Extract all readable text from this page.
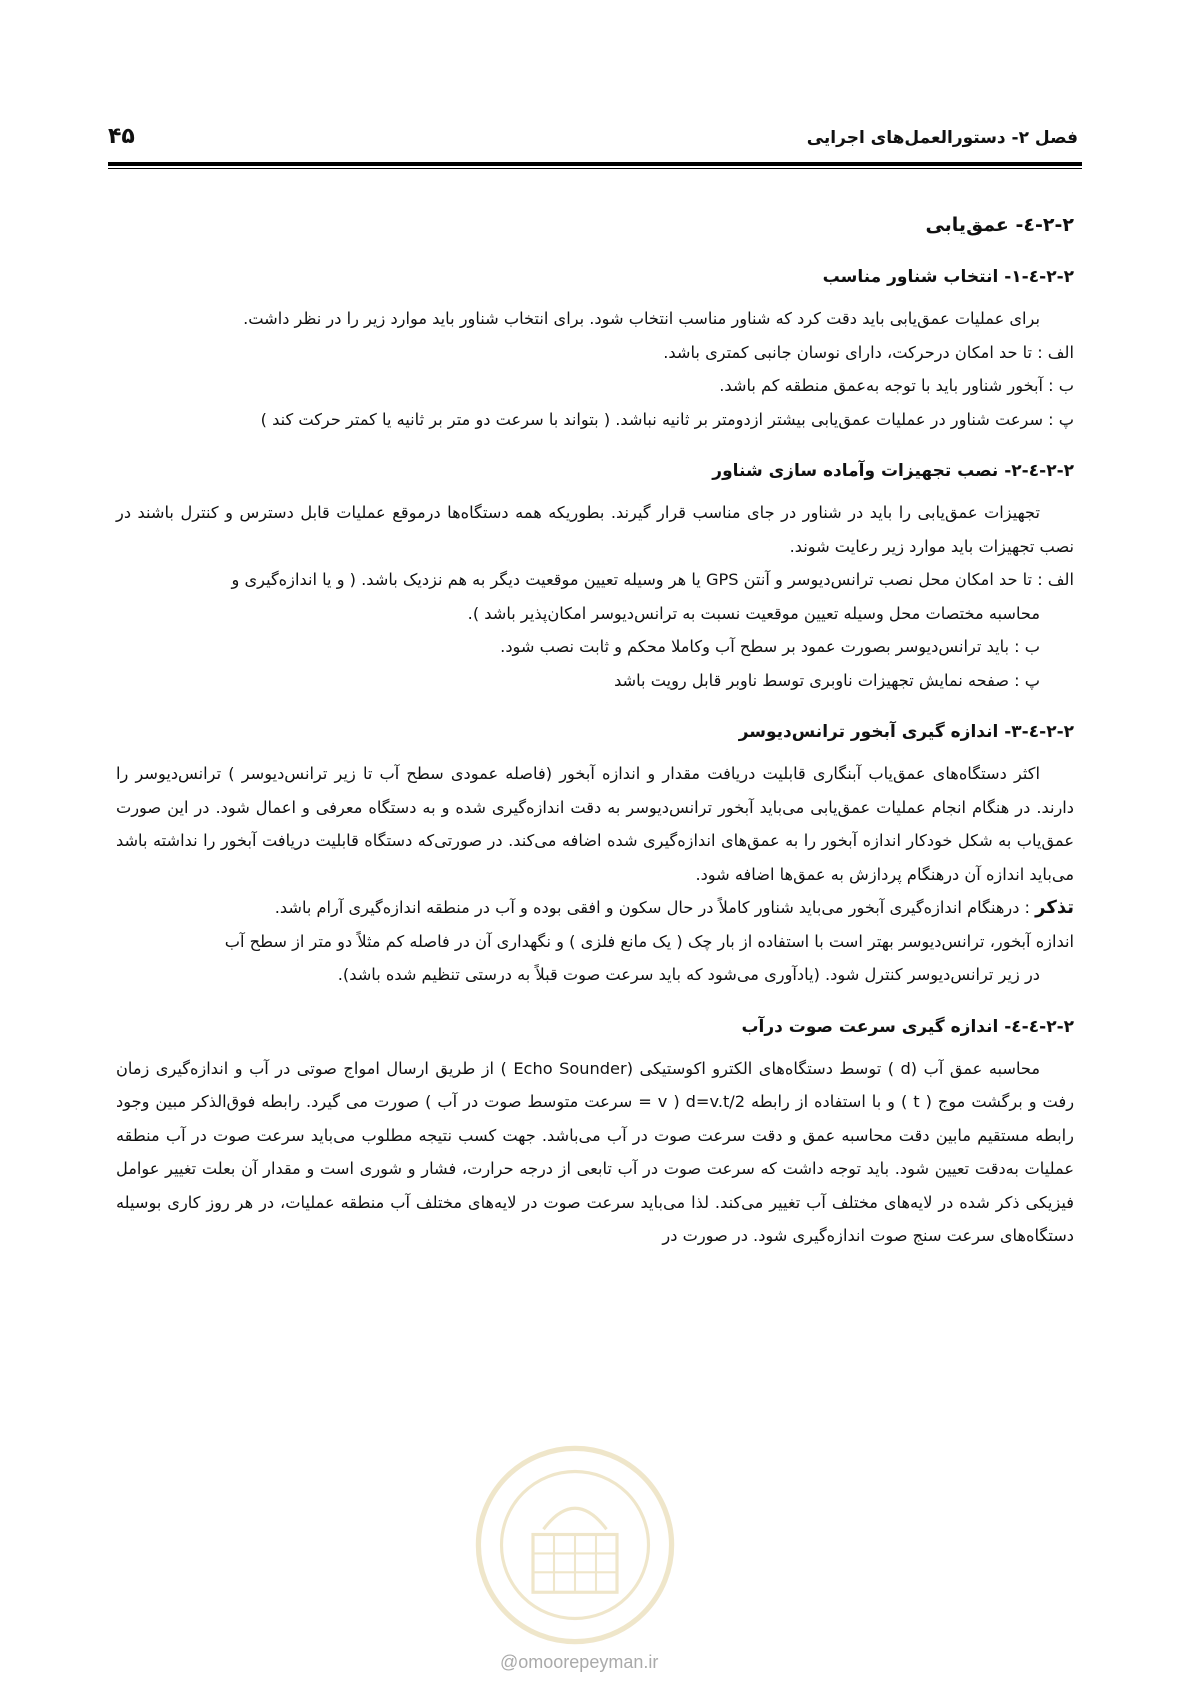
۴۵	فصل ۲- دستورالعمل‌های اجرایی
۲-۲-٤- عمق‌یابی
۲-۲-٤-۱- انتخاب شناور مناسب

برای عملیات عمق‌یابی باید دقت کرد که شناور مناسب انتخاب شود. برای انتخاب شناور باید موارد زیر را در نظر داشت.

الف : تا حد امکان درحرکت، دارای نوسان جانبی کمتری باشد.

ب : آبخور شناور باید با توجه به‌عمق منطقه کم باشد.

پ : سرعت شناور در عملیات عمق‌یابی بیشتر ازدومتر بر ثانیه نباشد. ( بتواند با سرعت دو متر بر ثانیه یا کمتر حرکت کند )

۲-۲-٤-۲- نصب تجهیزات وآماده سازی شناور

تجهیزات عمق‌یابی را باید در شناور در جای مناسب قرار گیرند. بطوریکه همه دستگاه‌ها درموقع عملیات قابل دسترس و کنترل باشند در نصب تجهیزات باید موارد زیر رعایت شوند.

الف : تا حد امکان محل نصب ترانس‌دیوسر و آنتن GPS یا هر وسیله تعیین موقعیت دیگر به هم نزدیک باشد. ( و یا اندازه‌گیری و

محاسبه مختصات محل وسیله تعیین موقعیت نسبت به ترانس‌دیوسر امکان‌پذیر باشد ).

ب : باید ترانس‌دیوسر بصورت عمود بر سطح آب وکاملا محکم و ثابت نصب شود.

پ : صفحه نمایش تجهیزات ناوبری توسط ناوبر قابل رویت باشد

۲-۲-٤-۳- اندازه گیری آبخور ترانس‌دیوسر

اکثر دستگاه‌های عمق‌یاب آبنگاری قابلیت دریافت مقدار و اندازه آبخور (فاصله عمودی سطح آب تا زیر ترانس‌دیوسر ) ترانس‌دیوسر را دارند. در هنگام انجام عملیات عمق‌یابی می‌باید آبخور ترانس‌دیوسر به دقت اندازه‌گیری شده و به دستگاه معرفی و اعمال شود. در این صورت عمق‌یاب به شکل خودکار اندازه آبخور را به عمق‌های اندازه‌گیری شده اضافه می‌کند. در صورتی‌که دستگاه قابلیت دریافت آبخور را نداشته باشد می‌باید اندازه آن درهنگام پردازش به عمق‌ها اضافه شود.

تذکر : درهنگام اندازه‌گیری آبخور می‌باید شناور کاملاً در حال سکون و افقی بوده و آب در منطقه اندازه‌گیری آرام باشد.

اندازه آبخور، ترانس‌دیوسر بهتر است با استفاده از بار چک ( یک مانع فلزی ) و نگهداری آن در فاصله کم مثلاً دو متر از سطح آب

در زیر ترانس‌دیوسر کنترل شود. (یادآوری می‌شود که باید سرعت صوت قبلاً به درستی تنظیم شده باشد).

۲-۲-٤-٤- اندازه گیری سرعت صوت درآب

محاسبه عمق آب (d ) توسط دستگاه‌های الکترو اکوستیکی (Echo Sounder ) از طریق ارسال امواج صوتی در آب و اندازه‌گیری زمان رفت و برگشت موج ( t ) و با استفاده از رابطه d=v.t/2 ( v = سرعت متوسط صوت در آب ) صورت می گیرد. رابطه فوق‌الذکر مبین وجود رابطه مستقیم مابین دقت محاسبه عمق و دقت سرعت صوت در آب می‌باشد. جهت کسب نتیجه مطلوب می‌باید سرعت صوت در آب منطقه عملیات به‌دقت تعیین شود. باید توجه داشت که سرعت صوت در آب تابعی از درجه حرارت، فشار و شوری است و مقدار آن بعلت تغییر عوامل فیزیکی ذکر شده در لایه‌های مختلف آب تغییر می‌کند. لذا می‌باید سرعت صوت در لایه‌های مختلف آب منطقه عملیات، در هر روز کاری بوسیله دستگاه‌های سرعت سنج صوت اندازه‌گیری شود. در صورت در

@omoorepeyman.ir
